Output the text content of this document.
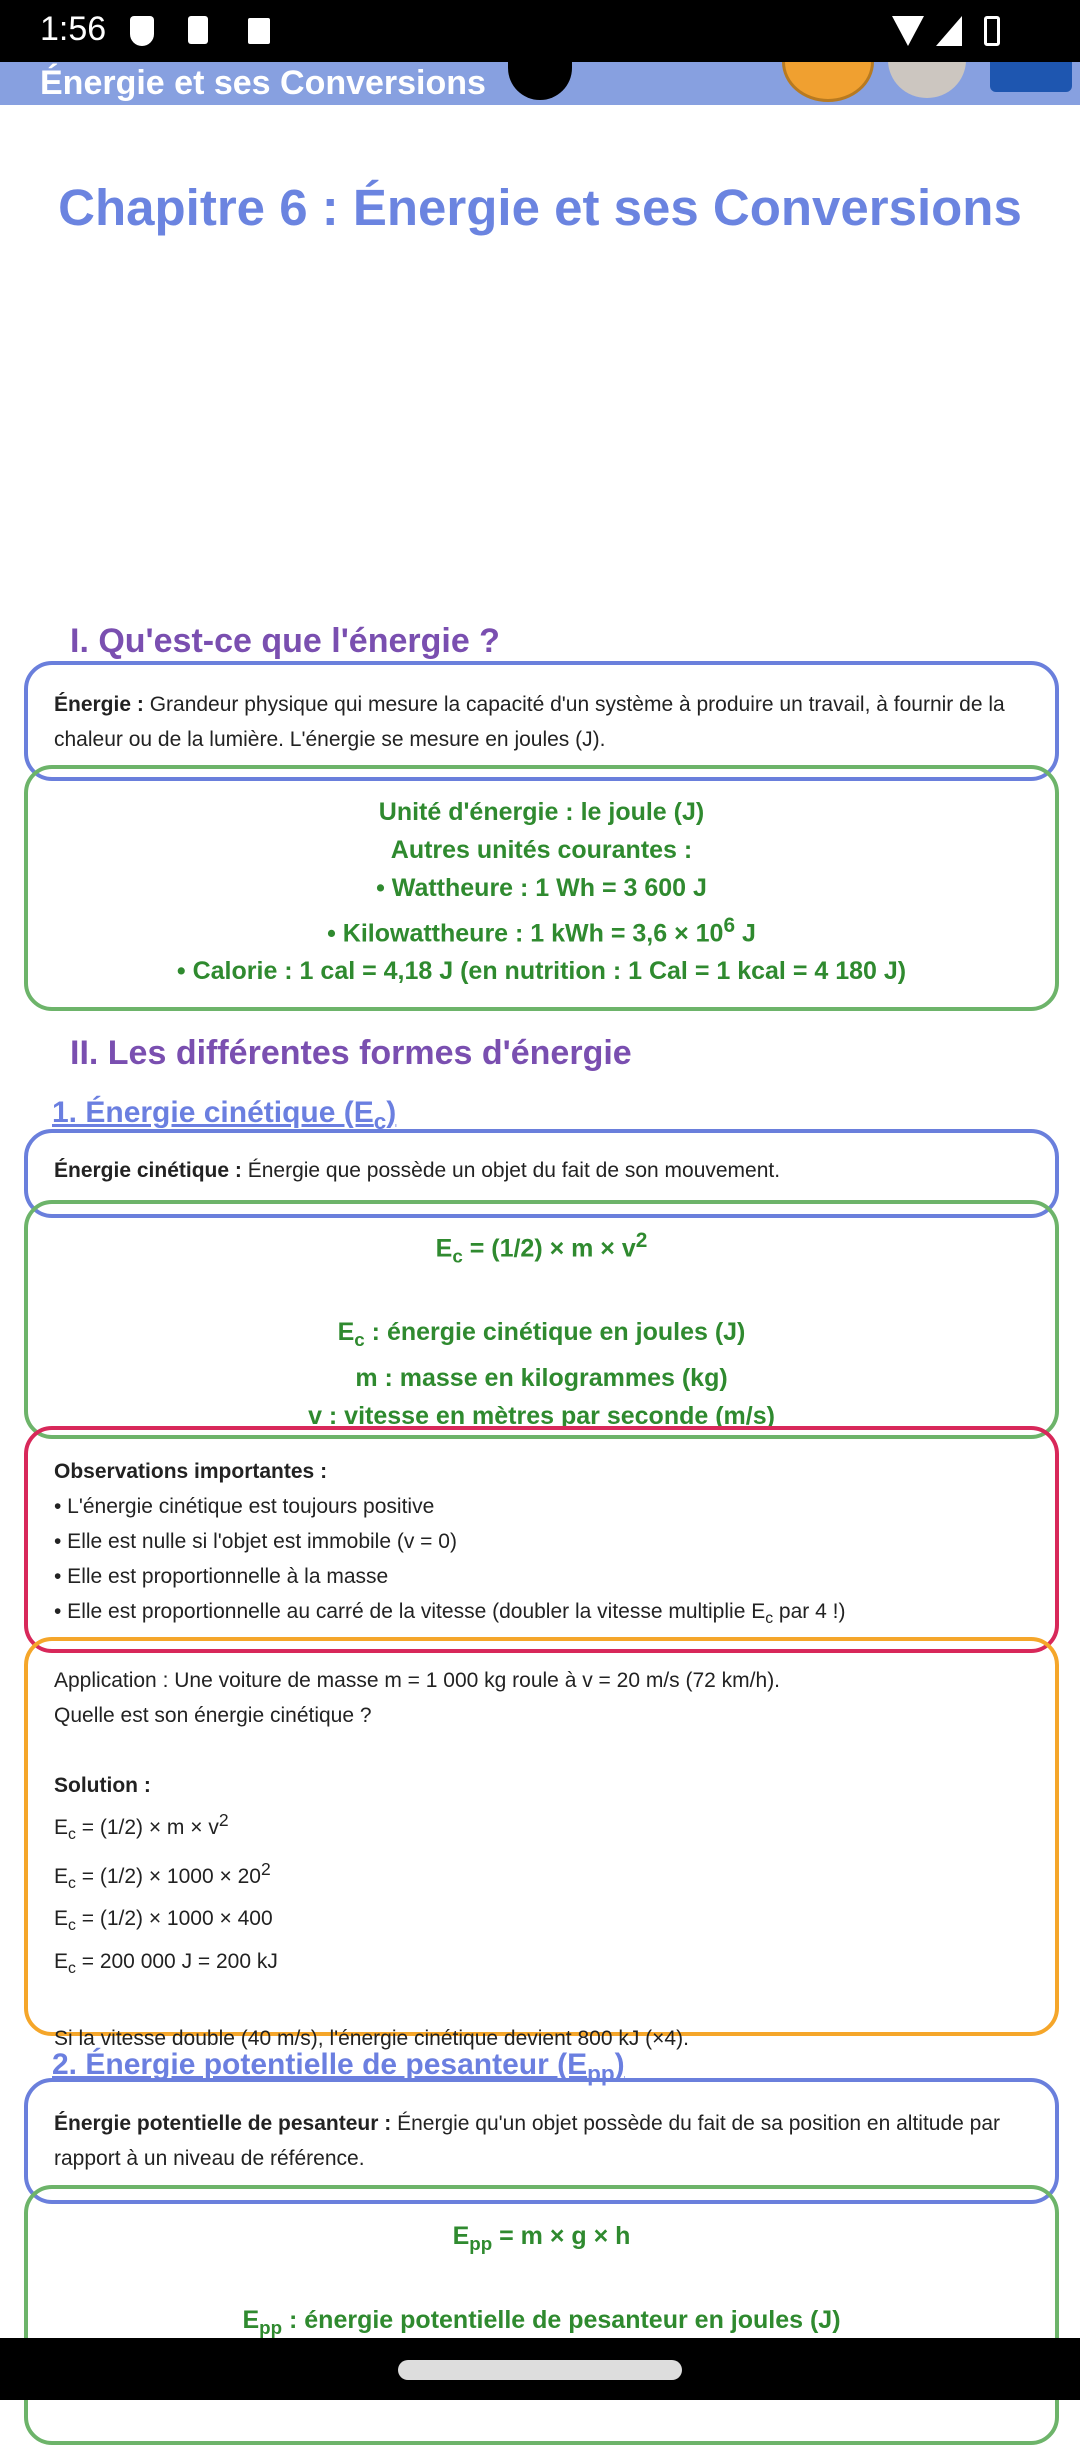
1:56
Énergie et ses Conversions
Chapitre 6 : Énergie et ses Conversions
I. Qu'est-ce que l'énergie ?
Énergie : Grandeur physique qui mesure la capacité d'un système à produire un travail, à fournir de la chaleur ou de la lumière. L'énergie se mesure en joules (J).
Unité d'énergie : le joule (J)
Autres unités courantes :
• Wattheure : 1 Wh = 3 600 J
• Kilowattheure : 1 kWh = $3,6 \times 10^6$ J
• Calorie : 1 cal = 4,18 J (en nutrition : 1 Cal = 1 kcal = 4 180 J)
II. Les différentes formes d'énergie
1. Énergie cinétique $(E_c)$
Énergie cinétique : Énergie que possède un objet du fait de son mouvement.
$E_c = (1/2) \times m \times v^2$
$E_c$ : énergie cinétique en joules (J)
m : masse en kilogrammes (kg)
v : vitesse en mètres par seconde (m/s)
Observations importantes :
• L'énergie cinétique est toujours positive
• Elle est nulle si l'objet est immobile (v = 0)
• Elle est proportionnelle à la masse
• Elle est proportionnelle au carré de la vitesse (doubler la vitesse multiplie $E_c$ par 4 !)
Application : Une voiture de masse m = 1 000 kg roule à v = 20 m/s (72 km/h).
Quelle est son énergie cinétique ?
Solution :
$E_c = (1/2) \times m \times v^2$
$E_c = (1/2) \times 1000 \times 20^2$
$E_c = (1/2) \times 1000 \times 400$
$E_c = 200$ 000 J = 200 kJ
Si la vitesse double (40 m/s), l'énergie cinétique devient 800 kJ (×4).
2. Énergie potentielle de pesanteur $(E_{pp})$
Énergie potentielle de pesanteur : Énergie qu'un objet possède du fait de sa position en altitude par rapport à un niveau de référence.
$E_{pp} = m \times g \times h$
$E_{pp}$ : énergie potentielle de pesanteur en joules (J)
